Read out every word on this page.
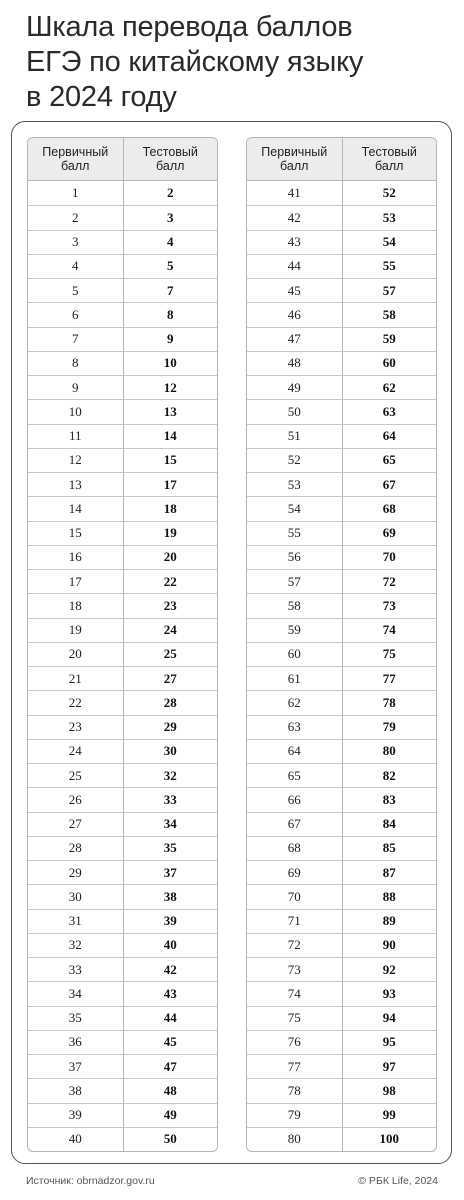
Шкала перевода баллов
ЕГЭ по китайскому языку
в 2024 году
Первичный
балл
Тестовый
балл
1	2
2	3
3	4
4	5
5	7
6	8
7	9
8	10
9	12
10	13
11	14
12	15
13	17
14	18
15	19
16	20
17	22
18	23
19	24
20	25
21	27
22	28
23	29
24	30
25	32
26	33
27	34
28	35
29	37
30	38
31	39
32	40
33	42
34	43
35	44
36	45
37	47
38	48
39	49
40	50
Первичный
балл
Тестовый
балл
41	52
42	53
43	54
44	55
45	57
46	58
47	59
48	60
49	62
50	63
51	64
52	65
53	67
54	68
55	69
56	70
57	72
58	73
59	74
60	75
61	77
62	78
63	79
64	80
65	82
66	83
67	84
68	85
69	87
70	88
71	89
72	90
73	92
74	93
75	94
76	95
77	97
78	98
79	99
80	100
Источник: obrnadzor.gov.ru	© РБК Life, 2024
